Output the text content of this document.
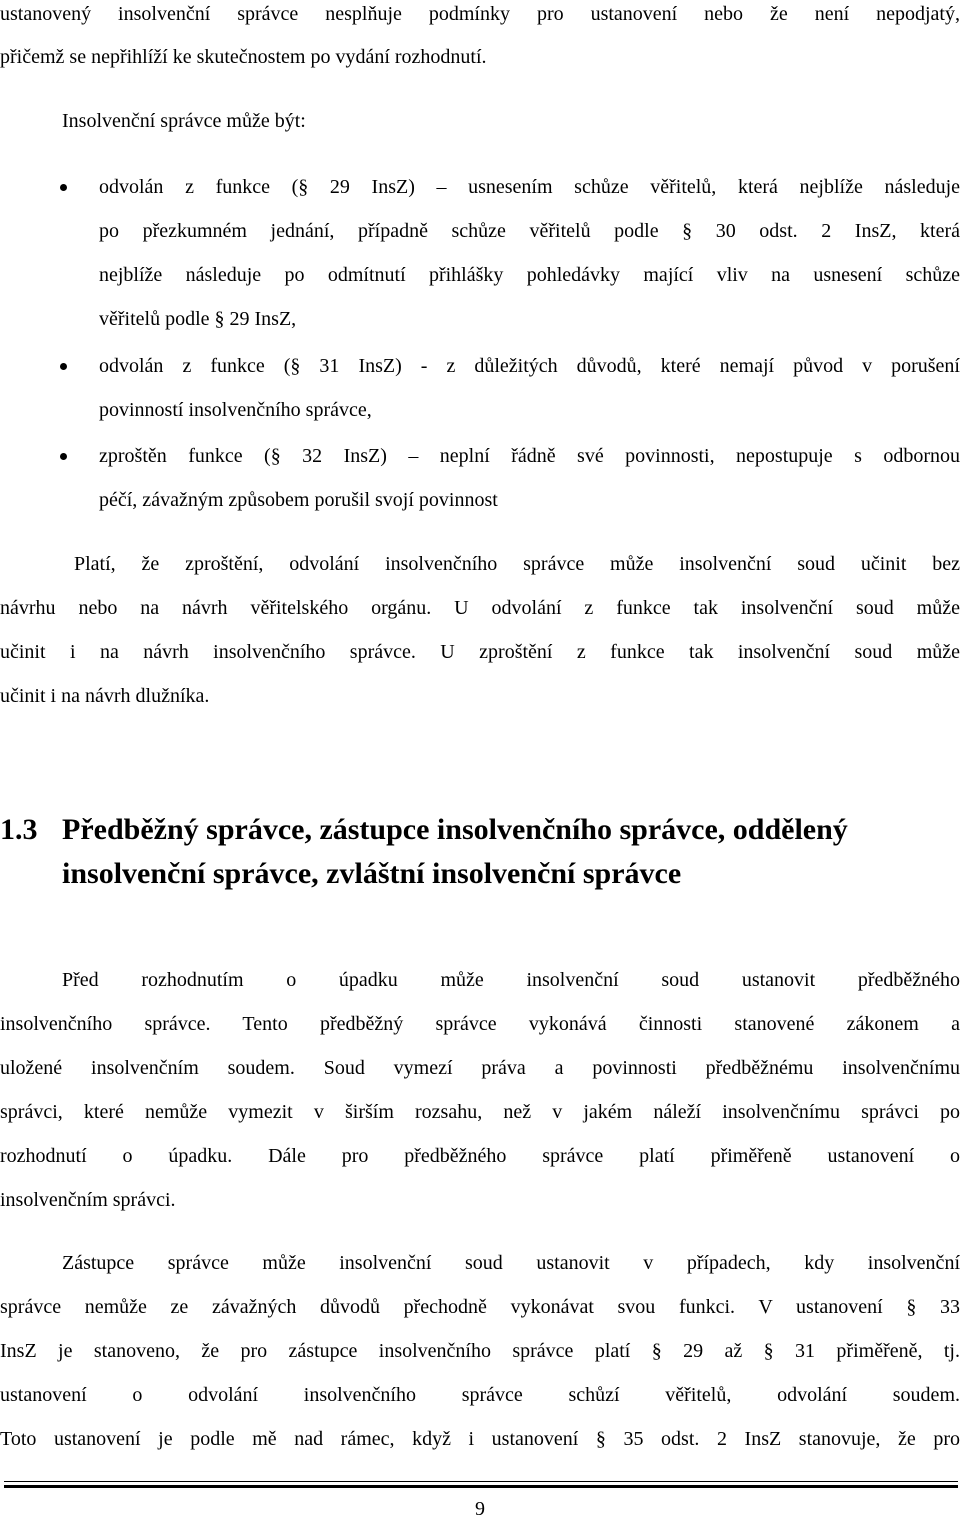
ustanovený insolvenční správce nesplňuje podmínky pro ustanovení nebo že není nepodjatý,

přičemž se nepřihlíží ke skutečnostem po vydání rozhodnutí.

Insolvenční správce může být:

odvolán z funkce (§ 29 InsZ) – usnesením schůze věřitelů, která nejblíže následuje

po přezkumném jednání, případně schůze věřitelů podle § 30 odst. 2 InsZ, která

nejblíže následuje po odmítnutí přihlášky pohledávky mající vliv na usnesení schůze

věřitelů podle § 29 InsZ,

odvolán z funkce (§ 31 InsZ) - z důležitých důvodů, které nemají původ v porušení

povinností insolvenčního správce,

zproštěn funkce (§ 32 InsZ) – neplní řádně své povinnosti, nepostupuje s odbornou

péčí, závažným způsobem porušil svojí povinnost

Platí, že zproštění, odvolání insolvenčního správce může insolvenční soud učinit bez

návrhu nebo na návrh věřitelského orgánu. U odvolání z funkce tak insolvenční soud může

učinit i na návrh insolvenčního správce. U zproštění z funkce tak insolvenční soud může

učinit i na návrh dlužníka.

1.3 Předběžný správce, zástupce insolvenčního správce, oddělený
insolvenční správce, zvláštní insolvenční správce

Před rozhodnutím o úpadku může insolvenční soud ustanovit předběžného

insolvenčního správce. Tento předběžný správce vykonává činnosti stanovené zákonem a

uložené insolvenčním soudem. Soud vymezí práva a povinnosti předběžnému insolvenčnímu

správci, které nemůže vymezit v širším rozsahu, než v jakém náleží insolvenčnímu správci po

rozhodnutí o úpadku. Dále pro předběžného správce platí přiměřeně ustanovení o

insolvenčním správci.

Zástupce správce může insolvenční soud ustanovit v případech, kdy insolvenční

správce nemůže ze závažných důvodů přechodně vykonávat svou funkci. V ustanovení § 33

InsZ je stanoveno, že pro zástupce insolvenčního správce platí § 29 až § 31 přiměřeně, tj.

ustanovení o odvolání insolvenčního správce schůzí věřitelů, odvolání soudem.

Toto ustanovení je podle mě nad rámec, když i ustanovení § 35 odst. 2 InsZ stanovuje, že pro

9
